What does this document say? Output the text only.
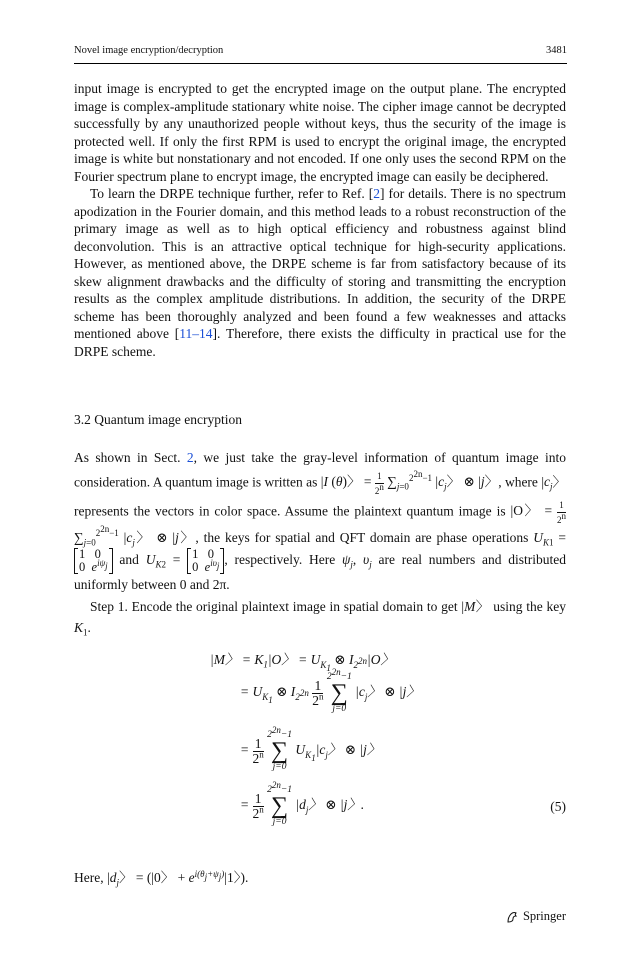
Novel image encryption/decryption	3481

input image is encrypted to get the encrypted image on the output plane. The encrypted image is complex-amplitude stationary white noise. The cipher image cannot be decrypted successfully by any unauthorized people without keys, thus the security of the image is protected well. If only the first RPM is used to encrypt the original image, the encrypted image is white but nonstationary and not encoded. If one only uses the second RPM on the Fourier spectrum plane to encrypt image, the encrypted image can easily be deciphered.

To learn the DRPE technique further, refer to Ref. [2] for details. There is no spectrum apodization in the Fourier domain, and this method leads to a robust reconstruction of the primary image as well as to high optical efficiency and robustness against blind deconvolution. This is an attractive optical technique for high-security applications. However, as mentioned above, the DRPE scheme is far from satisfactory because of its skew alignment drawbacks and the difficulty of storing and transmitting the encryption results as the complex amplitude distributions. In addition, the security of the DRPE scheme has been thoroughly analyzed and been found a few weaknesses and attacks mentioned above [11–14]. Therefore, there exists the difficulty in practical use for the DRPE scheme.

3.2 Quantum image encryption

As shown in Sect. 2, we just take the gray-level information of quantum image into consideration. A quantum image is written as |I (θ)〉 = $\frac{1}{2^n} \sum_{j=0}^{2^{2n}-1}$ $|c_j$〉 ⊗ |j〉, where $|c_j$〉 represents the vectors in color space. Assume the plaintext quantum image is |O〉 = $\frac{1}{2^n}$
$\sum_{j=0}^{2^{2n}-1}$ $|c_j$〉 ⊗ |j〉, the keys for spatial and QFT domain are phase operations $U_{K1} = 1$   0
0  $e^{i\psi_j}$ and $U_{K2} = 1$   0
0  $e^{i\upsilon_j}$ , respectively. Here $\psi_j$, $\upsilon_j$ are real numbers and distributed uniformly between 0 and 2π.

Step 1. Encode the original plaintext image in spatial domain to get |M〉 using the key $K_1$.

|M〉 = $K_1|O$〉 = $U_{K_1}$ ⊗ $I_{2^{2n}}|O$〉
= $U_{K_1}$ ⊗ $I_{2^{2n}} \frac{1}{2^n}$

$2^{2n}-1$
∑
j=0
$|c_j$〉 ⊗ |j〉
= $\frac{1}{2^n}$

$2^{2n}-1$
∑
j=0
$U_{K_1}|c_j$〉 ⊗ |j〉
= $\frac{1}{2^n}$

$2^{2n}-1$
∑
j=0
$|d_j$〉 ⊗ |j〉.	(5)
Here, $|d_j$〉 = (|0〉 + $e^{i(\theta_j+\psi_j)}|1$〉).
Springer
